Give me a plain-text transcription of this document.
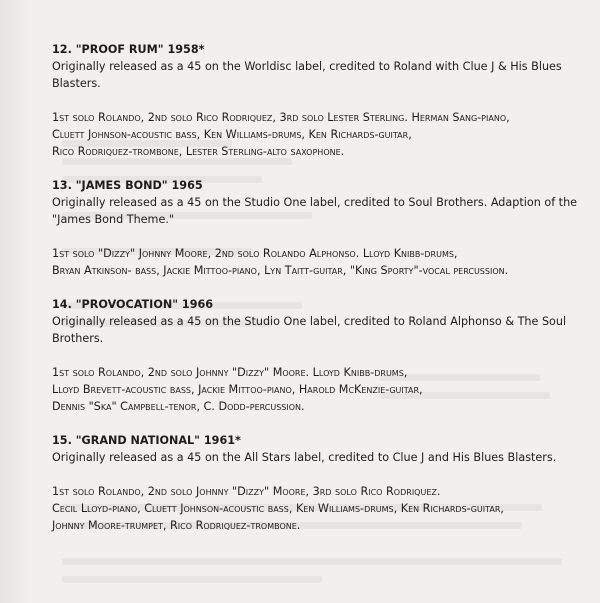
12. "PROOF RUM" 1958*

Originally released as a 45 on the Worldisc label, credited to Roland with Clue J & His Blues Blasters.

1st solo Rolando, 2nd solo Rico Rodriquez, 3rd solo Lester Sterling. Herman Sang-piano,

Cluett Johnson-acoustic bass, Ken Williams-drums, Ken Richards-guitar,

Rico Rodriquez-trombone, Lester Sterling-alto saxophone.

13. "JAMES BOND" 1965

Originally released as a 45 on the Studio One label, credited to Soul Brothers. Adaption of the "James Bond Theme."

1st solo "Dizzy" Johnny Moore, 2nd solo Rolando Alphonso. Lloyd Knibb-drums,

Bryan Atkinson- bass, Jackie Mittoo-piano, Lyn Taitt-guitar, "King Sporty"-vocal percussion.

14. "PROVOCATION" 1966

Originally released as a 45 on the Studio One label, credited to Roland Alphonso & The Soul Brothers.

1st solo Rolando, 2nd solo Johnny "Dizzy" Moore. Lloyd Knibb-drums,

Lloyd Brevett-acoustic bass, Jackie Mittoo-piano, Harold McKenzie-guitar,

Dennis "Ska" Campbell-tenor, C. Dodd-percussion.

15. "GRAND NATIONAL" 1961*

Originally released as a 45 on the All Stars label, credited to Clue J and His Blues Blasters.

1st solo Rolando, 2nd solo Johnny "Dizzy" Moore, 3rd solo Rico Rodriquez.

Cecil Lloyd-piano, Cluett Johnson-acoustic bass, Ken Williams-drums, Ken Richards-guitar,

Johnny Moore-trumpet, Rico Rodriquez-trombone.
